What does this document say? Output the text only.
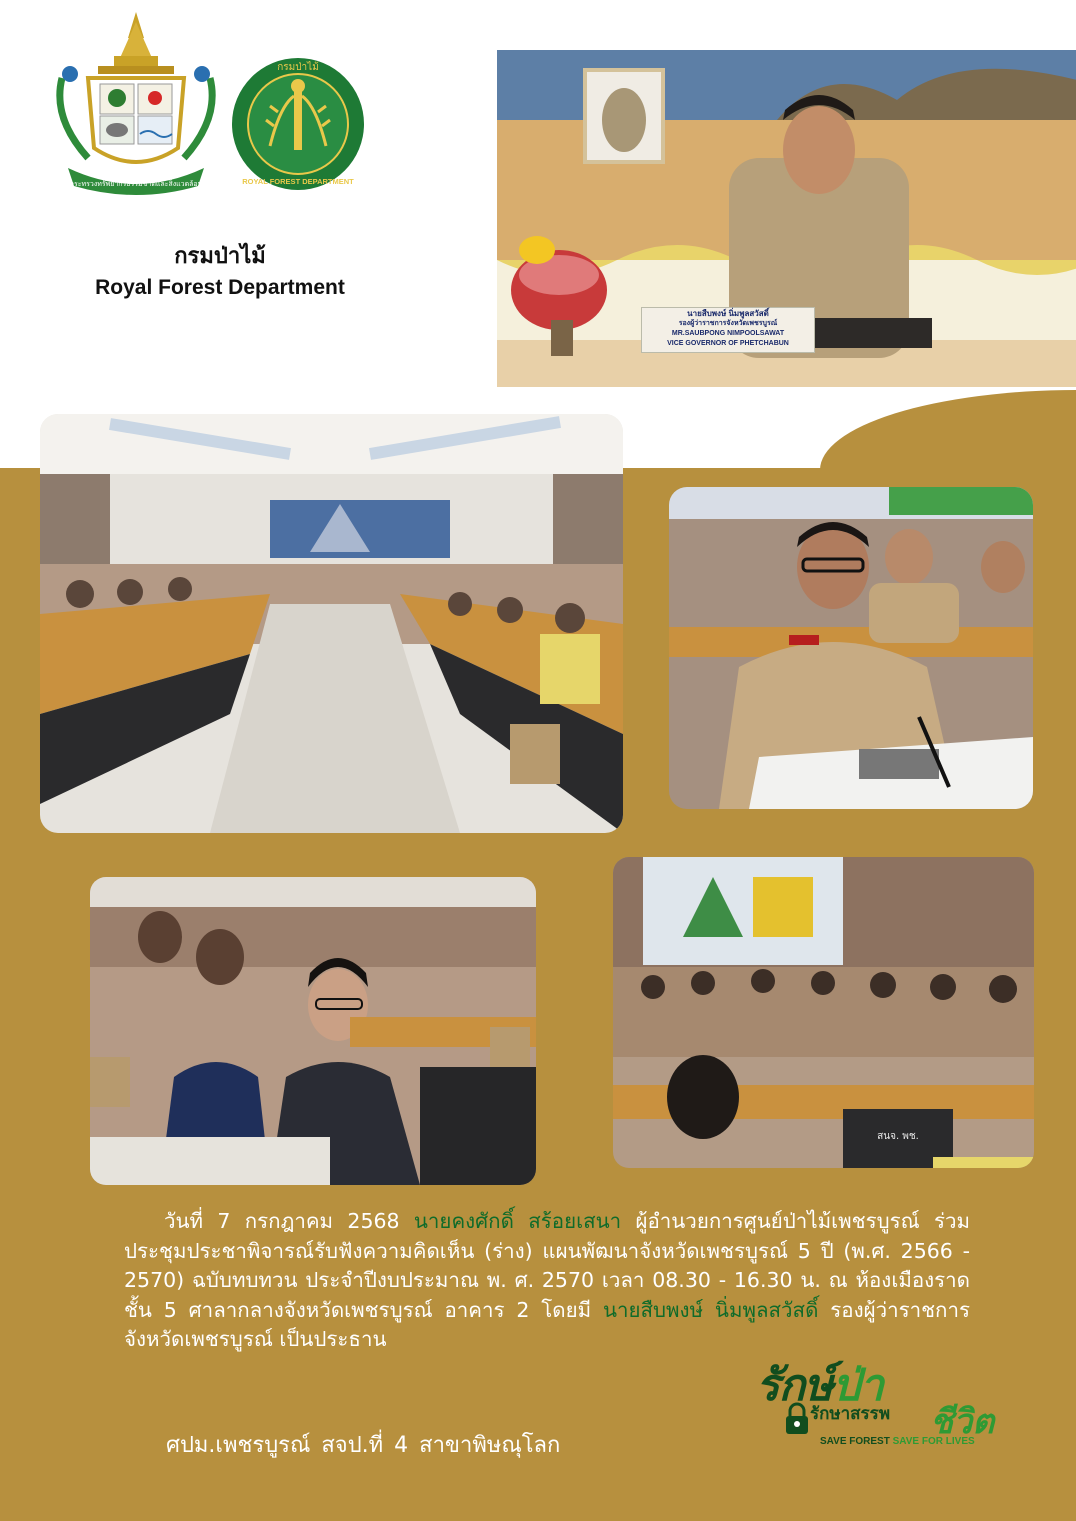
กระทรวงทรัพยากรธรรมชาติและสิ่งแวดล้อม
กรมป่าไม้
ROYAL FOREST DEPARTMENT
กรมป่าไม้
Royal Forest Department
นายสืบพงษ์ นิ่มพูลสวัสดิ์
รองผู้ว่าราชการจังหวัดเพชรบูรณ์
MR.SAUBPONG NIMPOOLSAWAT
VICE GOVERNOR OF PHETCHABUN
สนจ. พช.
วันที่ 7 กรกฎาคม 2568 นายคงศักดิ์ สร้อยเสนา ผู้อำนวยการศูนย์ป่าไม้เพชรบูรณ์ ร่วมประชุมประชาพิจารณ์รับฟังความคิดเห็น (ร่าง) แผนพัฒนาจังหวัดเพชรบูรณ์ 5 ปี (พ.ศ. 2566 - 2570) ฉบับทบทวน ประจำปีงบประมาณ พ. ศ. 2570 เวลา 08.30 - 16.30 น. ณ ห้องเมืองราด ชั้น 5 ศาลากลางจังหวัดเพชรบูรณ์ อาคาร 2 โดยมี นายสืบพงษ์ นิ่มพูลสวัสดิ์ รองผู้ว่าราชการจังหวัดเพชรบูรณ์ เป็นประธาน
ศปม.เพชรบูรณ์ สจป.ที่ 4 สาขาพิษณุโลก
รักษ์ป่า
รักษาสรรพ ชีวิต
SAVE FOREST SAVE FOR LIVES
